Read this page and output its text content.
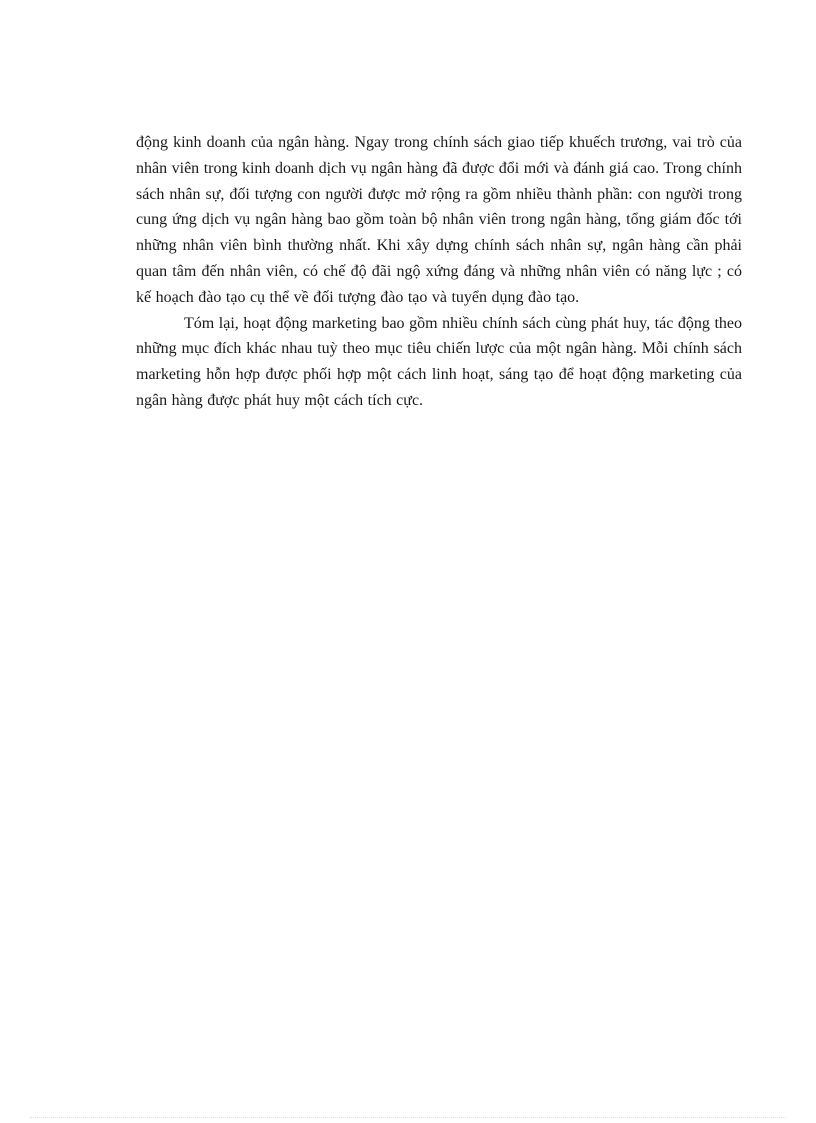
động kinh doanh của ngân hàng. Ngay trong chính sách giao tiếp khuếch trương, vai trò của nhân viên trong kinh doanh dịch vụ ngân hàng đã được đổi mới và đánh giá cao. Trong chính sách nhân sự, đối tượng con người được mở rộng ra gồm nhiều thành phần: con người trong cung ứng dịch vụ ngân hàng bao gồm toàn bộ nhân viên trong ngân hàng, tổng giám đốc tới những nhân viên bình thường nhất. Khi xây dựng chính sách nhân sự, ngân hàng cần phải quan tâm đến nhân viên, có chế độ đãi ngộ xứng đáng và những nhân viên có năng lực ; có kế hoạch đào tạo cụ thể về đối tượng đào tạo và tuyển dụng đào tạo.

Tóm lại, hoạt động marketing bao gồm nhiều chính sách cùng phát huy, tác động theo những mục đích khác nhau tuỳ theo mục tiêu chiến lược của một ngân hàng. Mỗi chính sách marketing hỗn hợp được phối hợp một cách linh hoạt, sáng tạo để hoạt động marketing của ngân hàng được phát huy một cách tích cực.
